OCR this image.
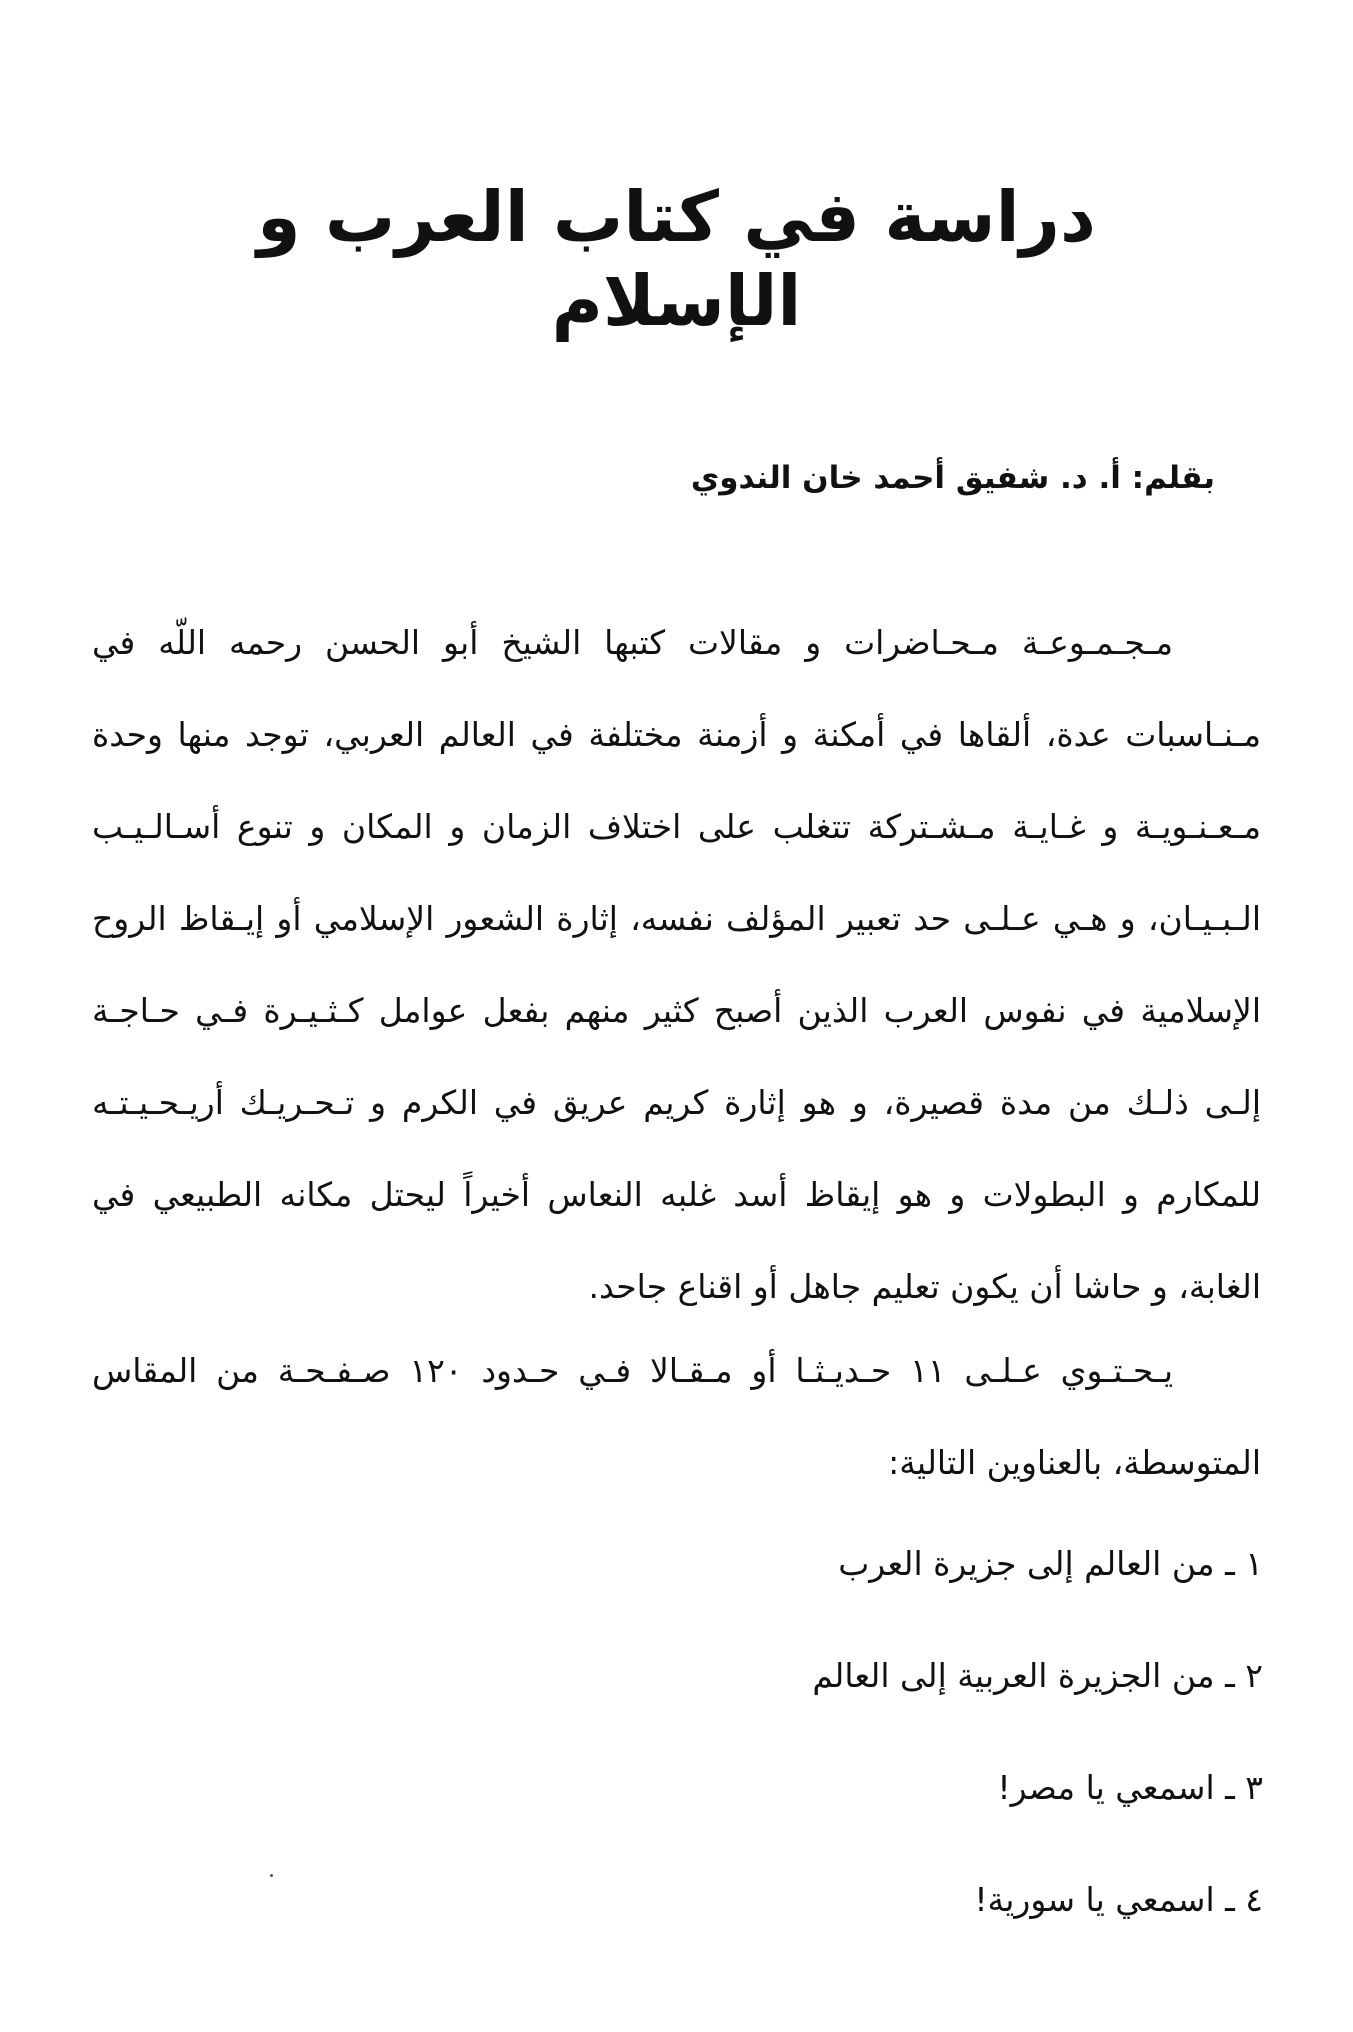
دراسة في كتاب العرب و الإسلام
بقلم: أ. د. شفيق أحمد خان الندوي

مـجـمـوعـة مـحـاضرات و مقالات كتبها الشيخ أبو الحسن رحمه اللّه في مـنـاسبات عدة، ألقاها في أمكنة و أزمنة مختلفة في العالم العربي، توجد منها وحدة مـعـنـويـة و غـايـة مـشـتركة تتغلب على اختلاف الزمان و المكان و تنوع أسـالـيـب الـبـيـان، و هـي عـلـى حد تعبير المؤلف نفسه، إثارة الشعور الإسلامي أو إيـقاظ الروح الإسلامية في نفوس العرب الذين أصبح كثير منهم بفعل عوامل كـثـيـرة فـي حـاجـة إلـى ذلـك من مدة قصيرة، و هو إثارة كريم عريق في الكرم و تـحـريـك أريـحـيـتـه للمكارم و البطولات و هو إيقاظ أسد غلبه النعاس أخيراً ليحتل مكانه الطبيعي في الغابة، و حاشا أن يكون تعليم جاهل أو اقناع جاحد.

يـحـتـوي عـلـى ١١ حـديـثـا أو مـقـالا فـي حـدود ١٢٠ صـفـحـة من المقاس المتوسطة، بالعناوين التالية:

١ ـ من العالم إلى جزيرة العرب
٢ ـ من الجزيرة العربية إلى العالم
٣ ـ اسمعي يا مصر!
٤ ـ اسمعي يا سورية!
